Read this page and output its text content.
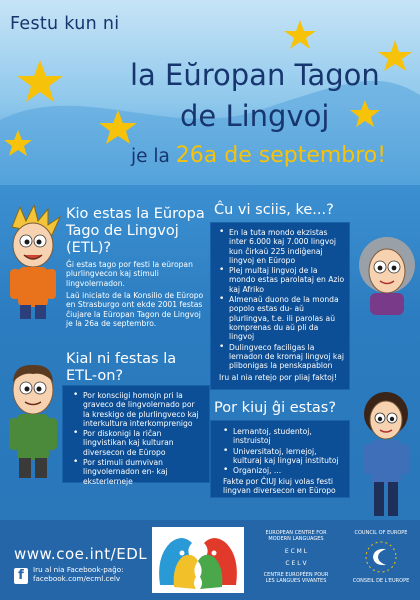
Festu kun ni
la Eŭropan Tagon
de Lingvoj
je la 26a de septembro!
Kio estas la Eŭropa Tago de Lingvoj (ETL)?
Ĝi estas tago por festi la eŭropan plurlingvecon kaj stimuli lingvolernadon.
Laŭ iniciato de la Konsilio de Eŭropo en Strasburgo ont ekde 2001 festas ĉiujare la Eŭropan Tagon de Lingvoj je la 26a de septembro.
Kial ni festas la ETL-on?
• Por konsciigi homojn pri la graveco de lingvolernado por la kreskigo de plurlingveco kaj interkultura interkomprenigo
• Por diskonigi la riĉan lingvistikan kaj kulturan diversecon de Eŭropo
• Por stimuli dumvivan lingvolernadon en- kaj eksterlerneje
Ĉu vi sciis, ke...?
• En la tuta mondo ekzistas inter 6.000 kaj 7.000 lingvoj kun ĉirkaŭ 225 indiĝenaj lingvoj en Eŭropo
• Plej multaj lingvoj de la mondo estas parolataj en Azio kaj Afriko
• Almenaŭ duono de la monda popolo estas du- aŭ plurlingva, t.e. ili parolas aŭ komprenas du aŭ pli da lingvoj
• Dulingveco faciligas la lernadon de kromaj lingvoj kaj plibonigas la penskapablon
Iru al nia retejo por pliaj faktoj!
Por kiuj ĝi estas?
• Lernantoj, studentoj, instruistoj
• Universitatoj, lernejoj, kulturaj kaj lingvaj institutoj
• Organizoj, ...
Fakte por ĈIUJ kiuj volas festi lingvan diversecon en Eŭropo
www.coe.int/EDL
f	Iru al nia Facebook-paĝo:
facebook.com/ecml.celv
EUROPEAN CENTRE FOR
MODERN LANGUAGES
E C M L
C E L V
CENTRE EUROPÉEN POUR
LES LANGUES VIVANTES
COUNCIL OF EUROPE
CONSEIL DE L'EUROPE
